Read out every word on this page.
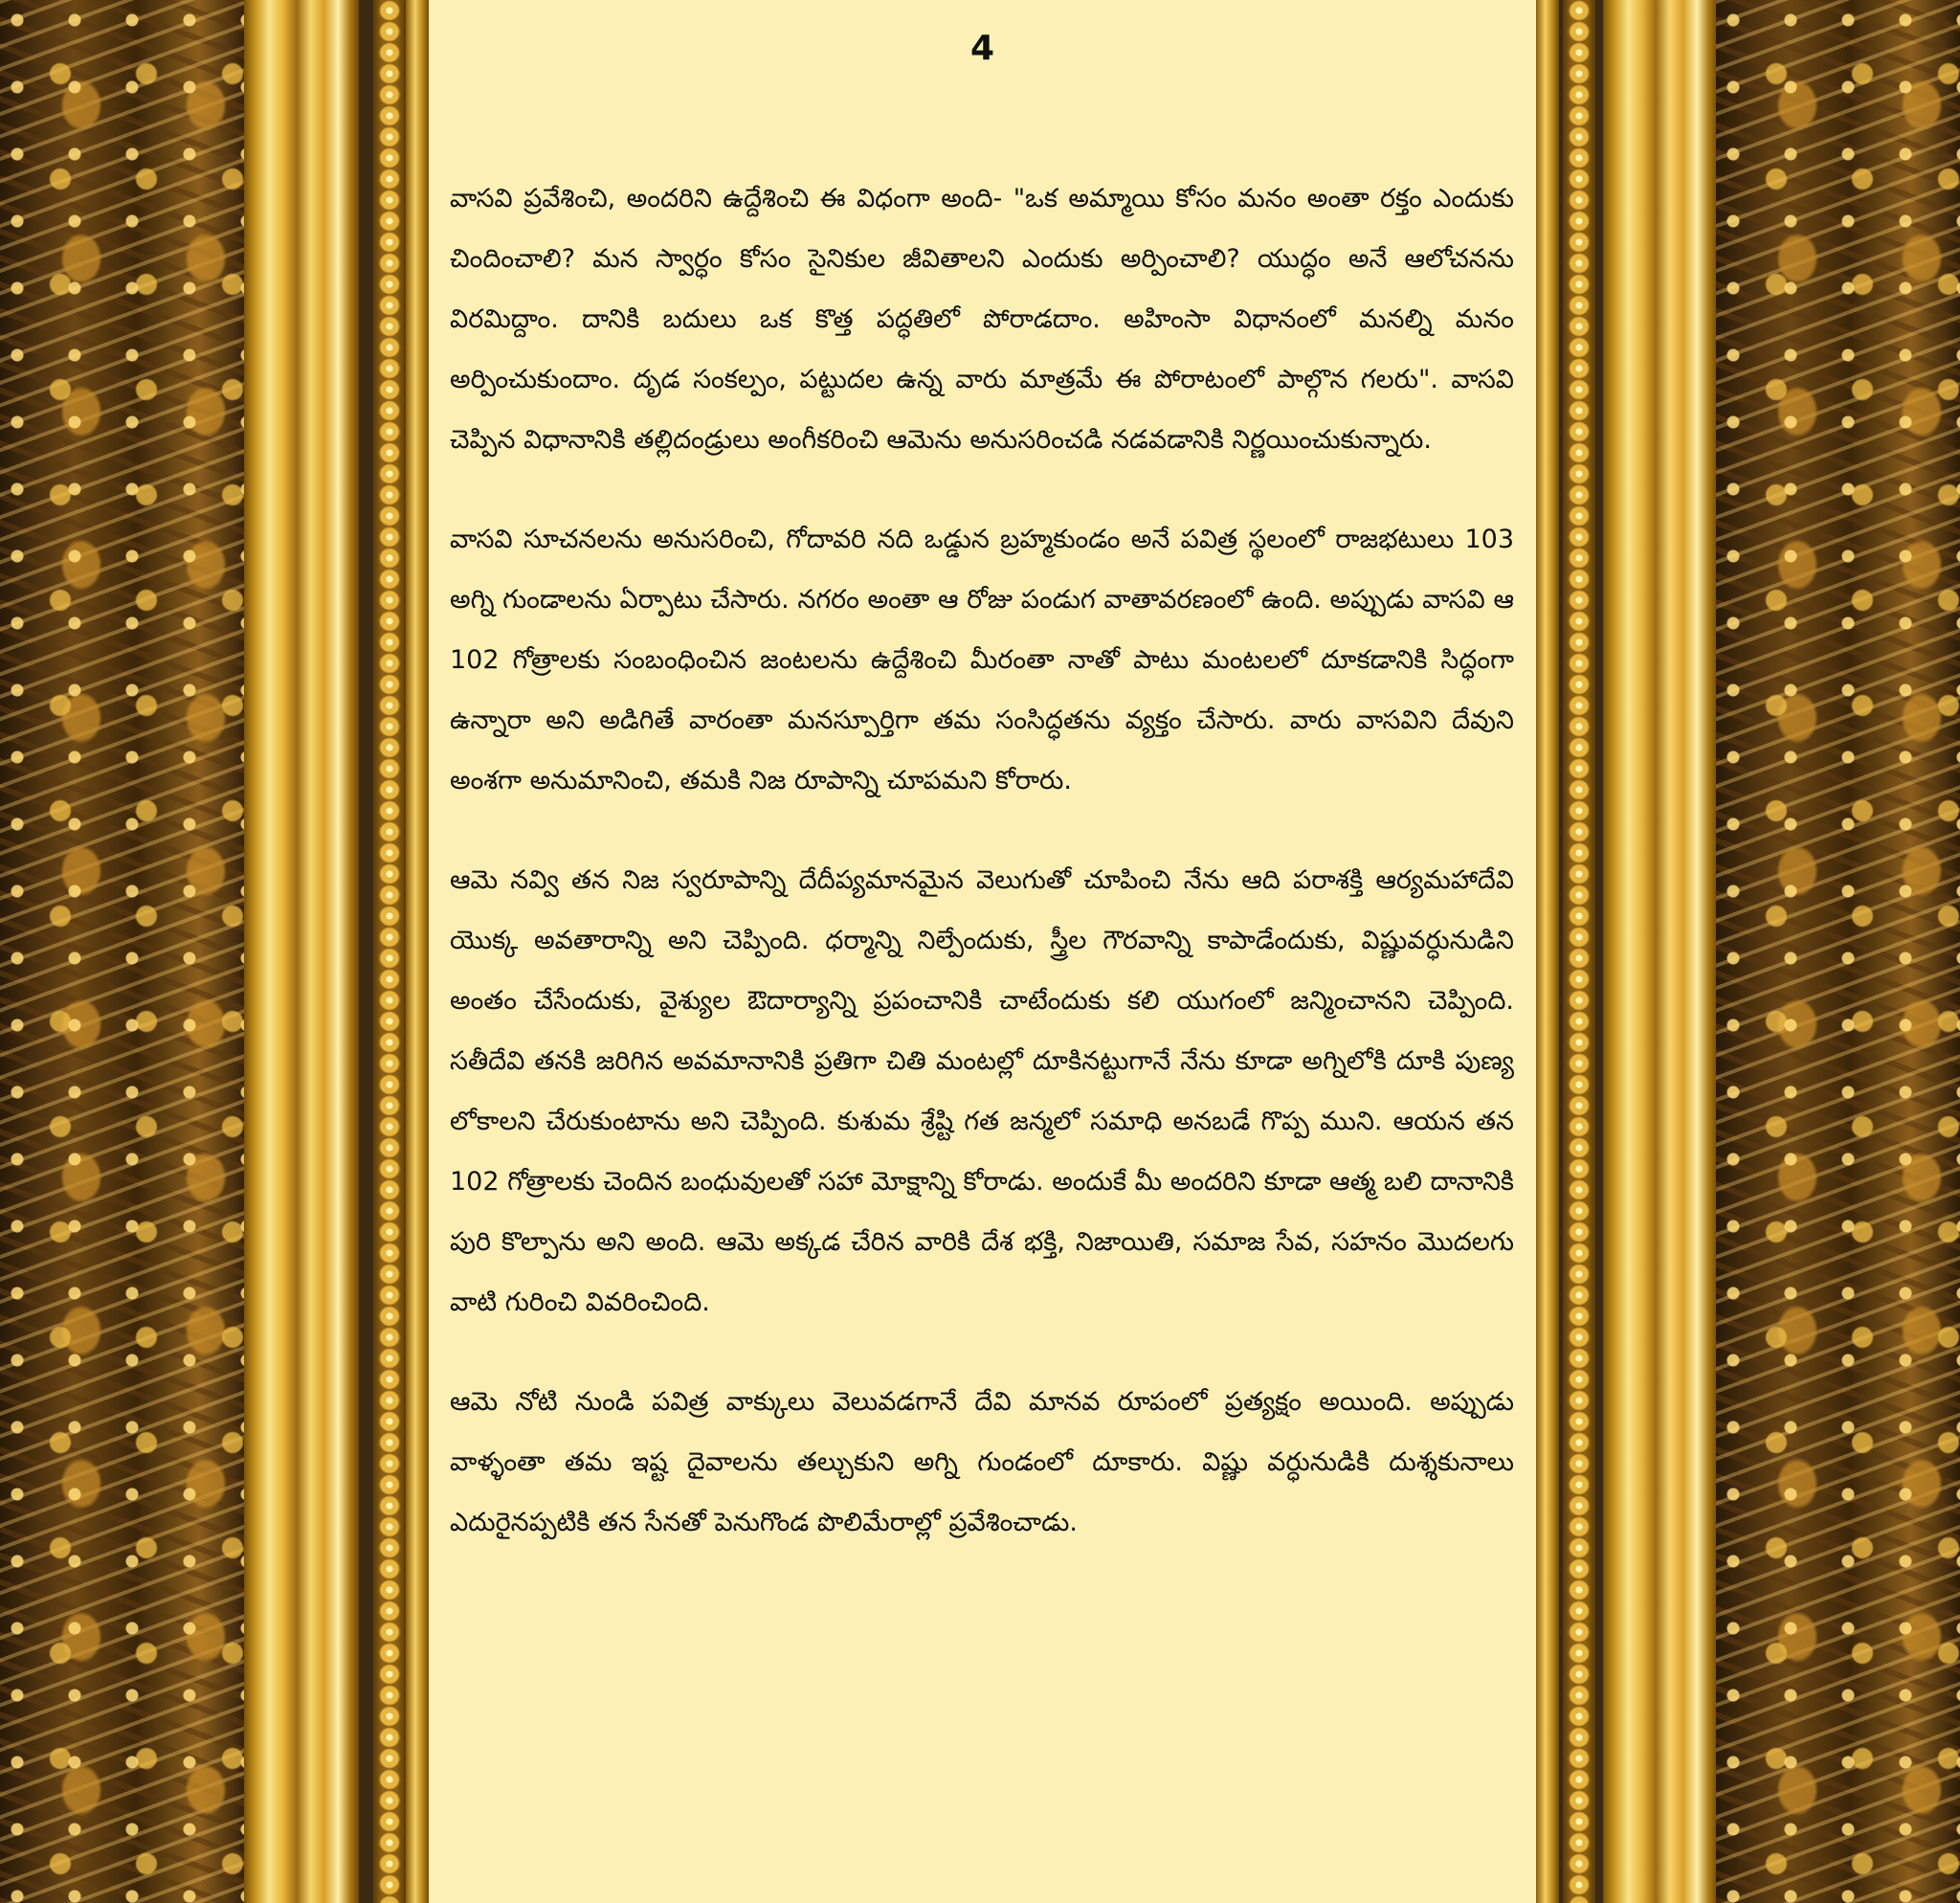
4

వాసవి ప్రవేశించి, అందరిని ఉద్దేశించి ఈ విధంగా అంది- "ఒక అమ్మాయి కోసం మనం అంతా రక్తం ఎందుకు చిందించాలి? మన స్వార్ధం కోసం సైనికుల జీవితాలని ఎందుకు అర్పించాలి? యుద్ధం అనే ఆలోచనను విరమిద్దాం. దానికి బదులు ఒక కొత్త పద్ధతిలో పోరాడదాం. అహింసా విధానంలో మనల్ని మనం అర్పించుకుందాం. దృడ సంకల్పం, పట్టుదల ఉన్న వారు మాత్రమే ఈ పోరాటంలో పాల్గొన గలరు". వాసవి చెప్పిన విధానానికి తల్లిదండ్రులు అంగీకరించి ఆమెను అనుసరించడి నడవడానికి నిర్ణయించుకున్నారు.

వాసవి సూచనలను అనుసరించి, గోదావరి నది ఒడ్డున బ్రహ్మకుండం అనే పవిత్ర స్థలంలో రాజభటులు 103 అగ్ని గుండాలను ఏర్పాటు చేసారు. నగరం అంతా ఆ రోజు పండుగ వాతావరణంలో ఉంది. అప్పుడు వాసవి ఆ 102 గోత్రాలకు సంబంధించిన జంటలను ఉద్దేశించి మీరంతా నాతో పాటు మంటలలో దూకడానికి సిద్ధంగా ఉన్నారా అని అడిగితే వారంతా మనస్పూర్తిగా తమ సంసిద్ధతను వ్యక్తం చేసారు. వారు వాసవిని దేవుని అంశగా అనుమానించి, తమకి నిజ రూపాన్ని చూపమని కోరారు.

ఆమె నవ్వి తన నిజ స్వరూపాన్ని దేదీప్యమానమైన వెలుగుతో చూపించి నేను ఆది పరాశక్తి ఆర్యమహాదేవి యొక్క అవతారాన్ని అని చెప్పింది. ధర్మాన్ని నిల్పేందుకు, స్త్రీల గౌరవాన్ని కాపాడేందుకు, విష్ణువర్ధునుడిని అంతం చేసేందుకు, వైశ్యుల ఔదార్యాన్ని ప్రపంచానికి చాటేందుకు కలి యుగంలో జన్మించానని చెప్పింది. సతీదేవి తనకి జరిగిన అవమానానికి ప్రతిగా చితి మంటల్లో దూకినట్టుగానే నేను కూడా అగ్నిలోకి దూకి పుణ్య లోకాలని చేరుకుంటాను అని చెప్పింది. కుశుమ శ్రేష్టి గత జన్మలో సమాధి అనబడే గొప్ప ముని. ఆయన తన 102 గోత్రాలకు చెందిన బంధువులతో సహా మోక్షాన్ని కోరాడు. అందుకే మీ అందరిని కూడా ఆత్మ బలి దానానికి పురి కొల్పాను అని అంది. ఆమె అక్కడ చేరిన వారికి దేశ భక్తి, నిజాయితి, సమాజ సేవ, సహనం మొదలగు వాటి గురించి వివరించింది.

ఆమె నోటి నుండి పవిత్ర వాక్కులు వెలువడగానే దేవి మానవ రూపంలో ప్రత్యక్షం అయింది. అప్పుడు వాళ్ళంతా తమ ఇష్ట దైవాలను తల్చుకుని అగ్ని గుండంలో దూకారు. విష్ణు వర్ధునుడికి దుశ్శకునాలు ఎదురైనప్పటికి తన సేనతో పెనుగొండ పొలిమేరాల్లో ప్రవేశించాడు.
